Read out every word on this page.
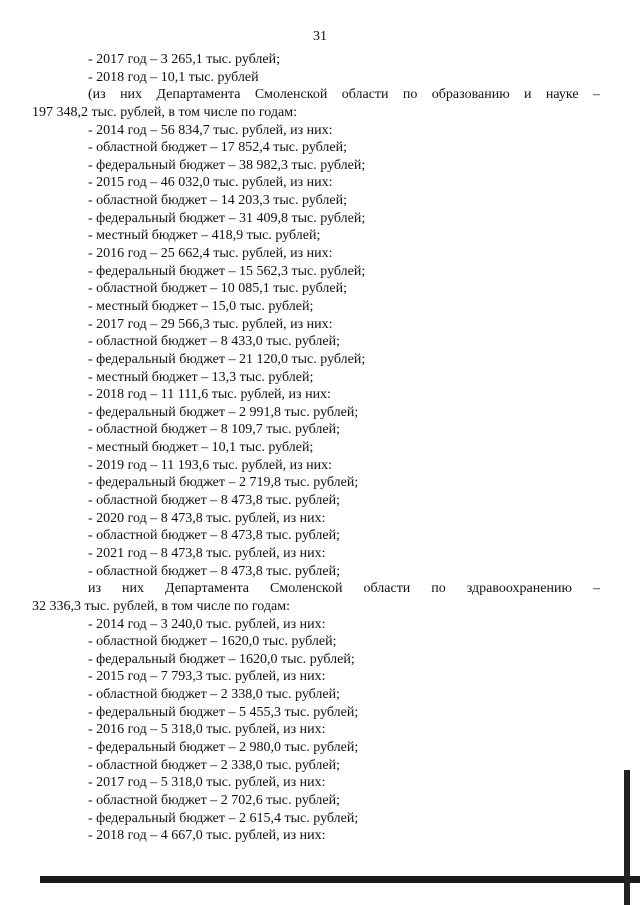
31
- 2017 год – 3 265,1 тыс. рублей;
- 2018 год – 10,1 тыс. рублей
(из них Департамента Смоленской области по образованию и науке –
197 348,2 тыс. рублей, в том числе по годам:
- 2014 год – 56 834,7 тыс. рублей, из них:
- областной бюджет – 17 852,4 тыс. рублей;
- федеральный бюджет – 38 982,3 тыс. рублей;
- 2015 год – 46 032,0 тыс. рублей, из них:
- областной бюджет – 14 203,3 тыс. рублей;
- федеральный бюджет – 31 409,8 тыс. рублей;
- местный бюджет – 418,9 тыс. рублей;
- 2016 год – 25 662,4 тыс. рублей, из них:
- федеральный бюджет – 15 562,3 тыс. рублей;
- областной бюджет – 10 085,1 тыс. рублей;
- местный бюджет – 15,0 тыс. рублей;
- 2017 год – 29 566,3 тыс. рублей, из них:
- областной бюджет – 8 433,0 тыс. рублей;
- федеральный бюджет – 21 120,0 тыс. рублей;
- местный бюджет – 13,3 тыс. рублей;
- 2018 год – 11 111,6 тыс. рублей, из них:
- федеральный бюджет – 2 991,8 тыс. рублей;
- областной бюджет – 8 109,7 тыс. рублей;
- местный бюджет – 10,1 тыс. рублей;
- 2019 год – 11 193,6 тыс. рублей, из них:
- федеральный бюджет – 2 719,8 тыс. рублей;
- областной бюджет – 8 473,8 тыс. рублей;
- 2020 год – 8 473,8 тыс. рублей, из них:
- областной бюджет – 8 473,8 тыс. рублей;
- 2021 год – 8 473,8 тыс. рублей, из них:
- областной бюджет – 8 473,8 тыс. рублей;
из них Департамента Смоленской области по здравоохранению –
32 336,3 тыс. рублей, в том числе по годам:
- 2014 год – 3 240,0 тыс. рублей, из них:
- областной бюджет – 1620,0 тыс. рублей;
- федеральный бюджет – 1620,0 тыс. рублей;
- 2015 год – 7 793,3 тыс. рублей, из них:
- областной бюджет – 2 338,0 тыс. рублей;
- федеральный бюджет – 5 455,3 тыс. рублей;
- 2016 год – 5 318,0 тыс. рублей, из них:
- федеральный бюджет – 2 980,0 тыс. рублей;
- областной бюджет – 2 338,0 тыс. рублей;
- 2017 год – 5 318,0 тыс. рублей, из них:
- областной бюджет – 2 702,6 тыс. рублей;
- федеральный бюджет – 2 615,4 тыс. рублей;
- 2018 год – 4 667,0 тыс. рублей, из них:
